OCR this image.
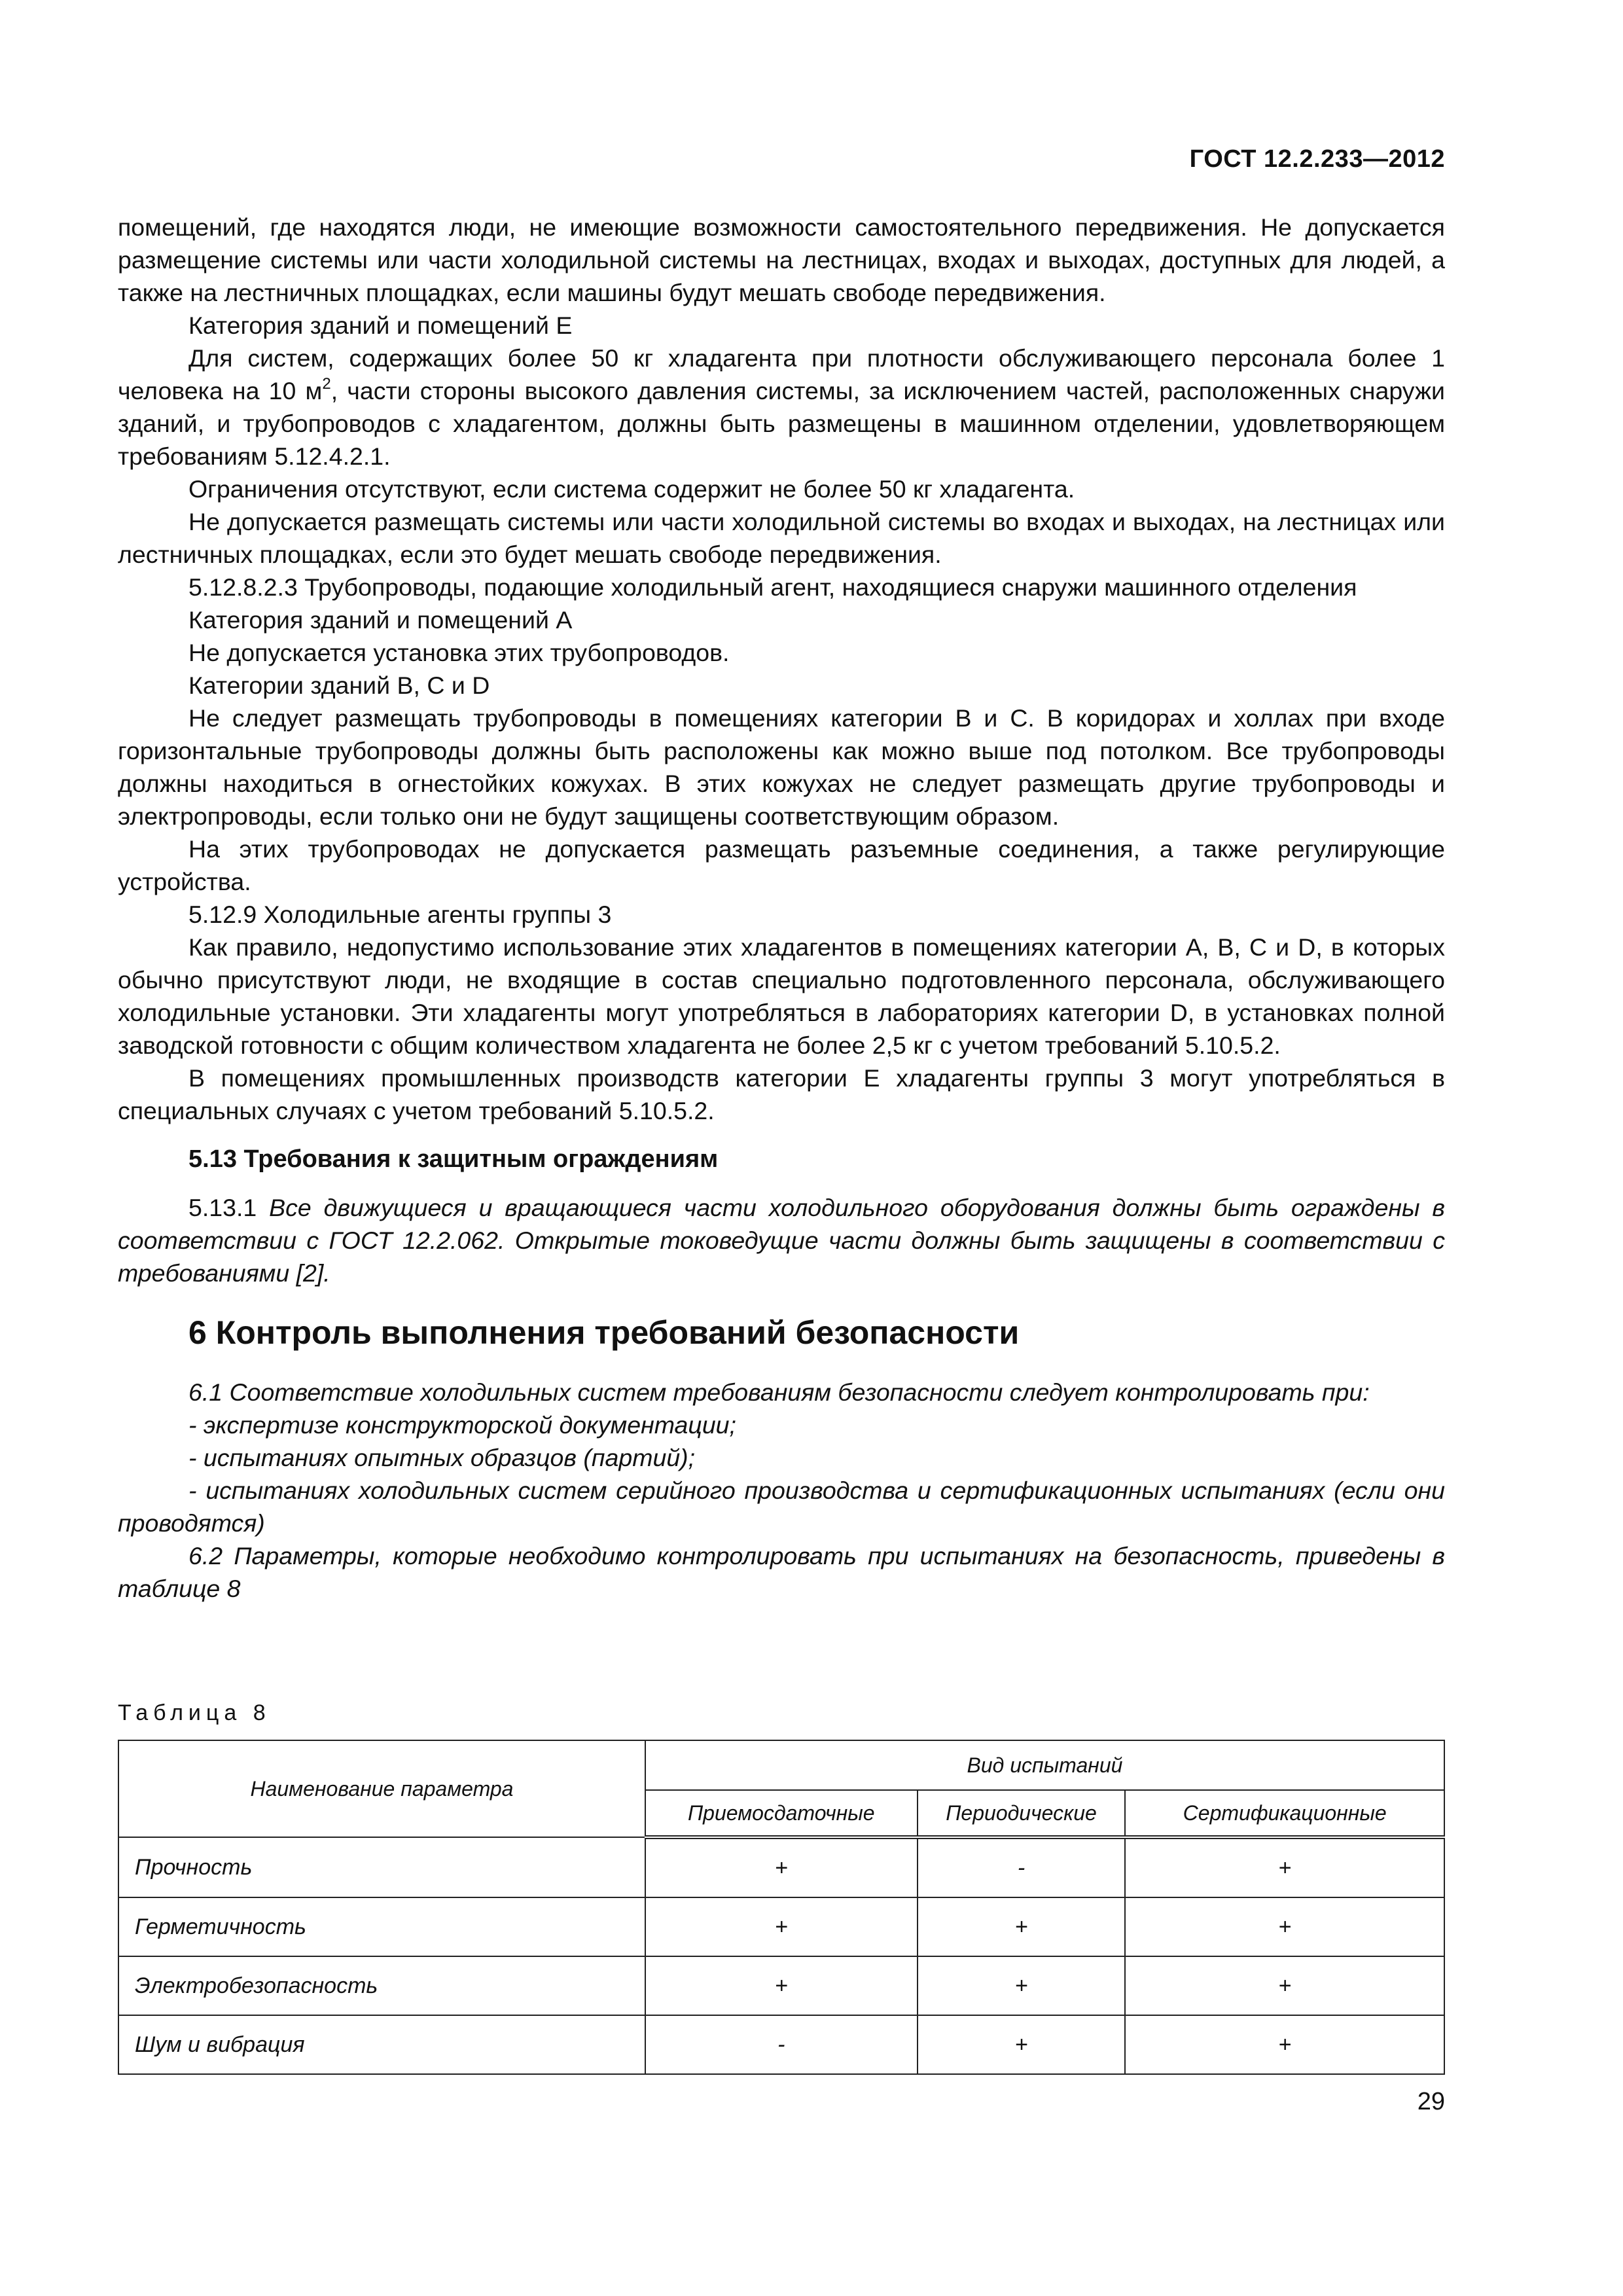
ГОСТ 12.2.233—2012

помещений, где находятся люди, не имеющие возможности самостоятельного передвижения. Не допускается размещение системы или части холодильной системы на лестницах, входах и выходах, доступных для людей, а также на лестничных площадках, если машины будут мешать свободе передвижения.

Категория зданий и помещений E

Для систем, содержащих более 50 кг хладагента при плотности обслуживающего персонала более 1 человека на 10 $м^2$, части стороны высокого давления системы, за исключением частей, расположенных снаружи зданий, и трубопроводов с хладагентом, должны быть размещены в машинном отделении, удовлетворяющем требованиям 5.12.4.2.1.

Ограничения отсутствуют, если система содержит не более 50 кг хладагента.

Не допускается размещать системы или части холодильной системы во входах и выходах, на лестницах или лестничных площадках, если это будет мешать свободе передвижения.

5.12.8.2.3 Трубопроводы, подающие холодильный агент, находящиеся снаружи машинного отделения

Категория зданий и помещений A

Не допускается установка этих трубопроводов.

Категории зданий B, C и D

Не следует размещать трубопроводы в помещениях категории B и C. В коридорах и холлах при входе горизонтальные трубопроводы должны быть расположены как можно выше под потолком. Все трубопроводы должны находиться в огнестойких кожухах. В этих кожухах не следует размещать другие трубопроводы и электропроводы, если только они не будут защищены соответствующим образом.

На этих трубопроводах не допускается размещать разъемные соединения, а также регулирующие устройства.

5.12.9 Холодильные агенты группы 3

Как правило, недопустимо использование этих хладагентов в помещениях категории A, B, C и D, в которых обычно присутствуют люди, не входящие в состав специально подготовленного персонала, обслуживающего холодильные установки. Эти хладагенты могут употребляться в лабораториях категории D, в установках полной заводской готовности с общим количеством хладагента не более 2,5 кг с учетом требований 5.10.5.2.

В помещениях промышленных производств категории E хладагенты группы 3 могут употребляться в специальных случаях с учетом требований 5.10.5.2.

5.13 Требования к защитным ограждениям

5.13.1 Все движущиеся и вращающиеся части холодильного оборудования должны быть ограждены в соответствии с ГОСТ 12.2.062. Открытые токоведущие части должны быть защищены в соответствии с требованиями [2].

6 Контроль выполнения требований безопасности

6.1 Соответствие холодильных систем требованиям безопасности следует контролировать при:

- экспертизе конструкторской документации;

- испытаниях опытных образцов (партий);

- испытаниях холодильных систем серийного производства и сертификационных испытаниях (если они проводятся)

6.2 Параметры, которые необходимо контролировать при испытаниях на безопасность, приведены в таблице 8

Таблица 8
Наименование параметра	Вид испытаний		
	Приемосдаточные	Периодические	Сертификационные
Прочность	+	-	+
Герметичность	+	+	+
Электробезопасность	+	+	+
Шум и вибрация	-	+	+
29
